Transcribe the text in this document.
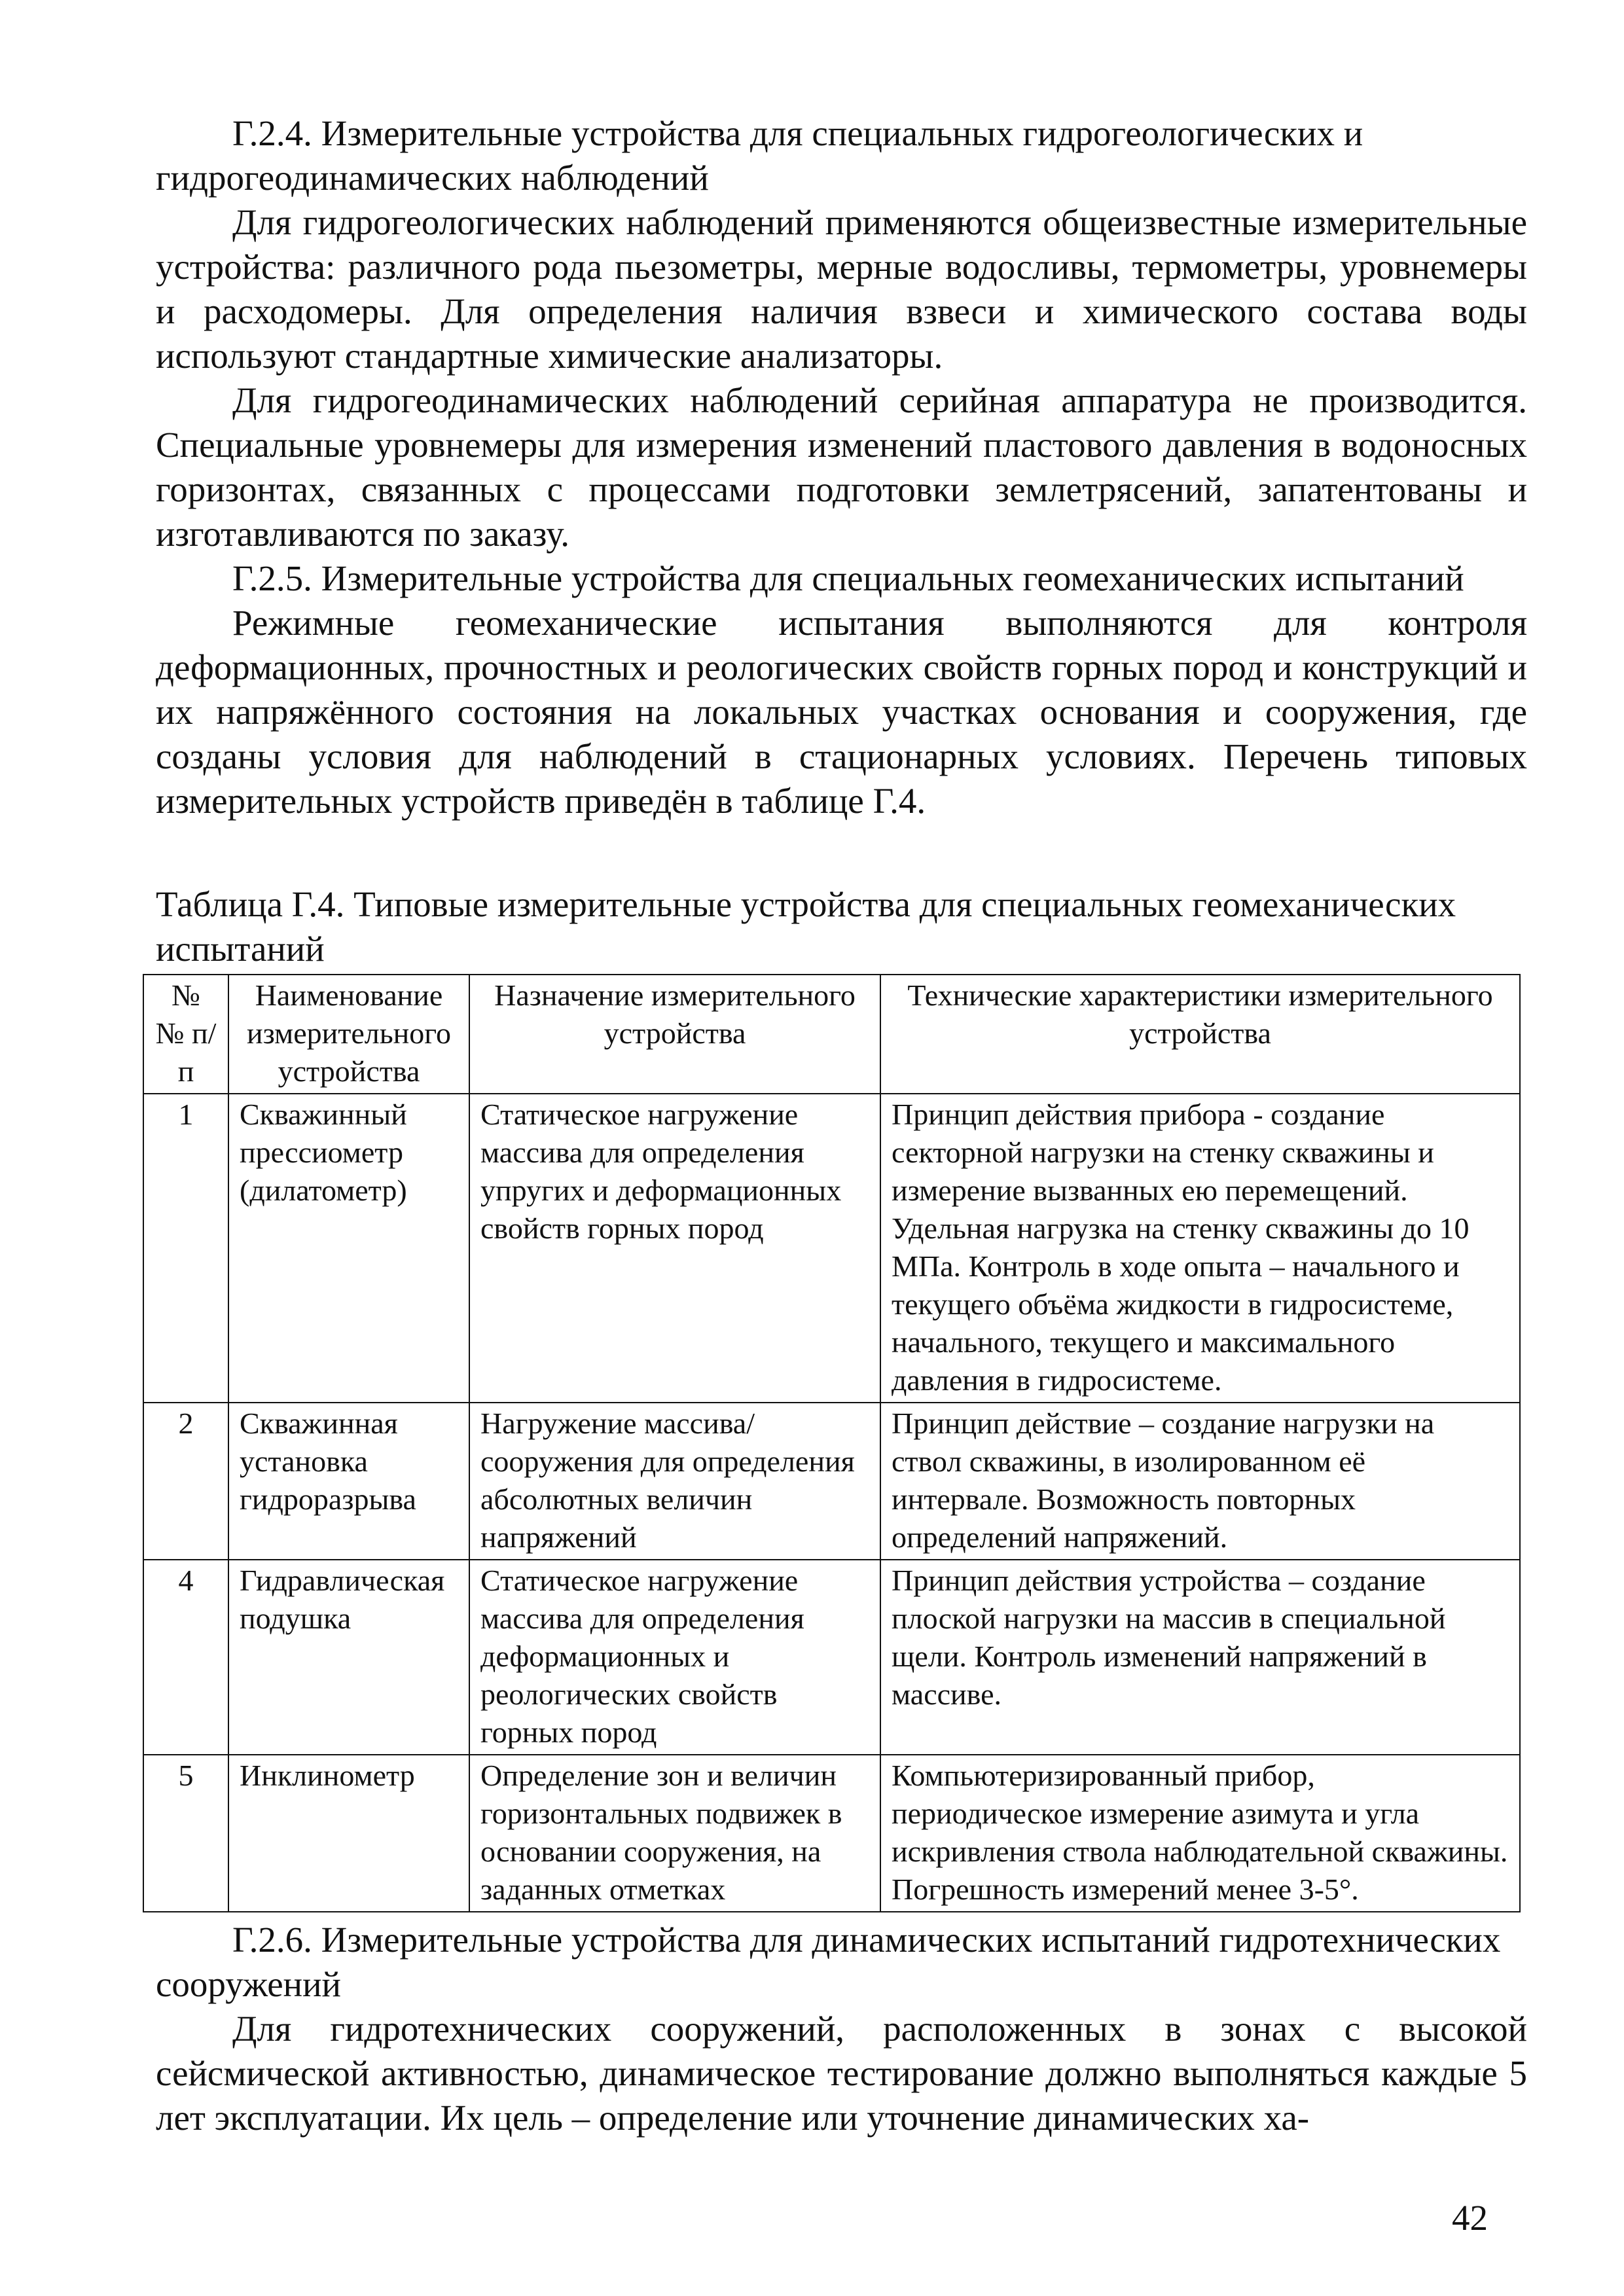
Г.2.4. Измерительные устройства для специальных гидрогеологических и гидрогеодинамических наблюдений

Для гидрогеологических наблюдений применяются общеизвестные измерительные устройства: различного рода пьезометры, мерные водосливы, термометры, уровнемеры и расходомеры. Для определения наличия взвеси и химического состава воды используют стандартные химические анализаторы.

Для гидрогеодинамических наблюдений серийная аппаратура не производится. Специальные уровнемеры для измерения изменений пластового давления в водоносных горизонтах, связанных с процессами подготовки землетрясений, запатентованы и изготавливаются по заказу.

Г.2.5. Измерительные устройства для специальных геомеханических испытаний

Режимные геомеханические испытания выполняются для контроля деформационных, прочностных и реологических свойств горных пород и конструкций и их напряжённого состояния на локальных участках основания и сооружения, где созданы условия для наблюдений в стационарных условиях. Перечень типовых измерительных устройств приведён в таблице Г.4.

Таблица Г.4. Типовые измерительные устройства для специальных геомеханических испытаний

№ № п/п	Наименование измерительного устройства	Назначение измерительного устройства	Технические характеристики измерительного устройства
1	Скважинный прессиометр (дилатометр)	Статическое нагружение массива для определения упругих и деформационных свойств горных пород	Принцип действия прибора - создание секторной нагрузки на стенку скважины и измерение вызванных ею перемещений. Удельная нагрузка на стенку скважины до 10 МПа. Контроль в ходе опыта – начального и текущего объёма жидкости в гидросистеме, начального, текущего и максимального давления в гидросистеме.
2	Скважинная установка гидроразрыва	Нагружение массива/сооружения для определения абсолютных величин напряжений	Принцип действие – создание нагрузки на ствол скважины, в изолированном её интервале. Возможность повторных определений напряжений.
4	Гидравлическая подушка	Статическое нагружение массива для определения деформационных и реологических свойств горных пород	Принцип действия устройства – создание плоской нагрузки на массив в специальной щели. Контроль изменений напряжений в массиве.
5	Инклинометр	Определение зон и величин горизонтальных подвижек в основании сооружения, на заданных отметках	Компьютеризированный прибор, периодическое измерение азимута и угла искривления ствола наблюдательной скважины. Погрешность измерений менее 3-5°.

Г.2.6. Измерительные устройства для динамических испытаний гидротехнических сооружений

Для гидротехнических сооружений, расположенных в зонах с высокой сейсмической активностью, динамическое тестирование должно выполняться каждые 5 лет эксплуатации. Их цель – определение или уточнение динамических ха-

42
